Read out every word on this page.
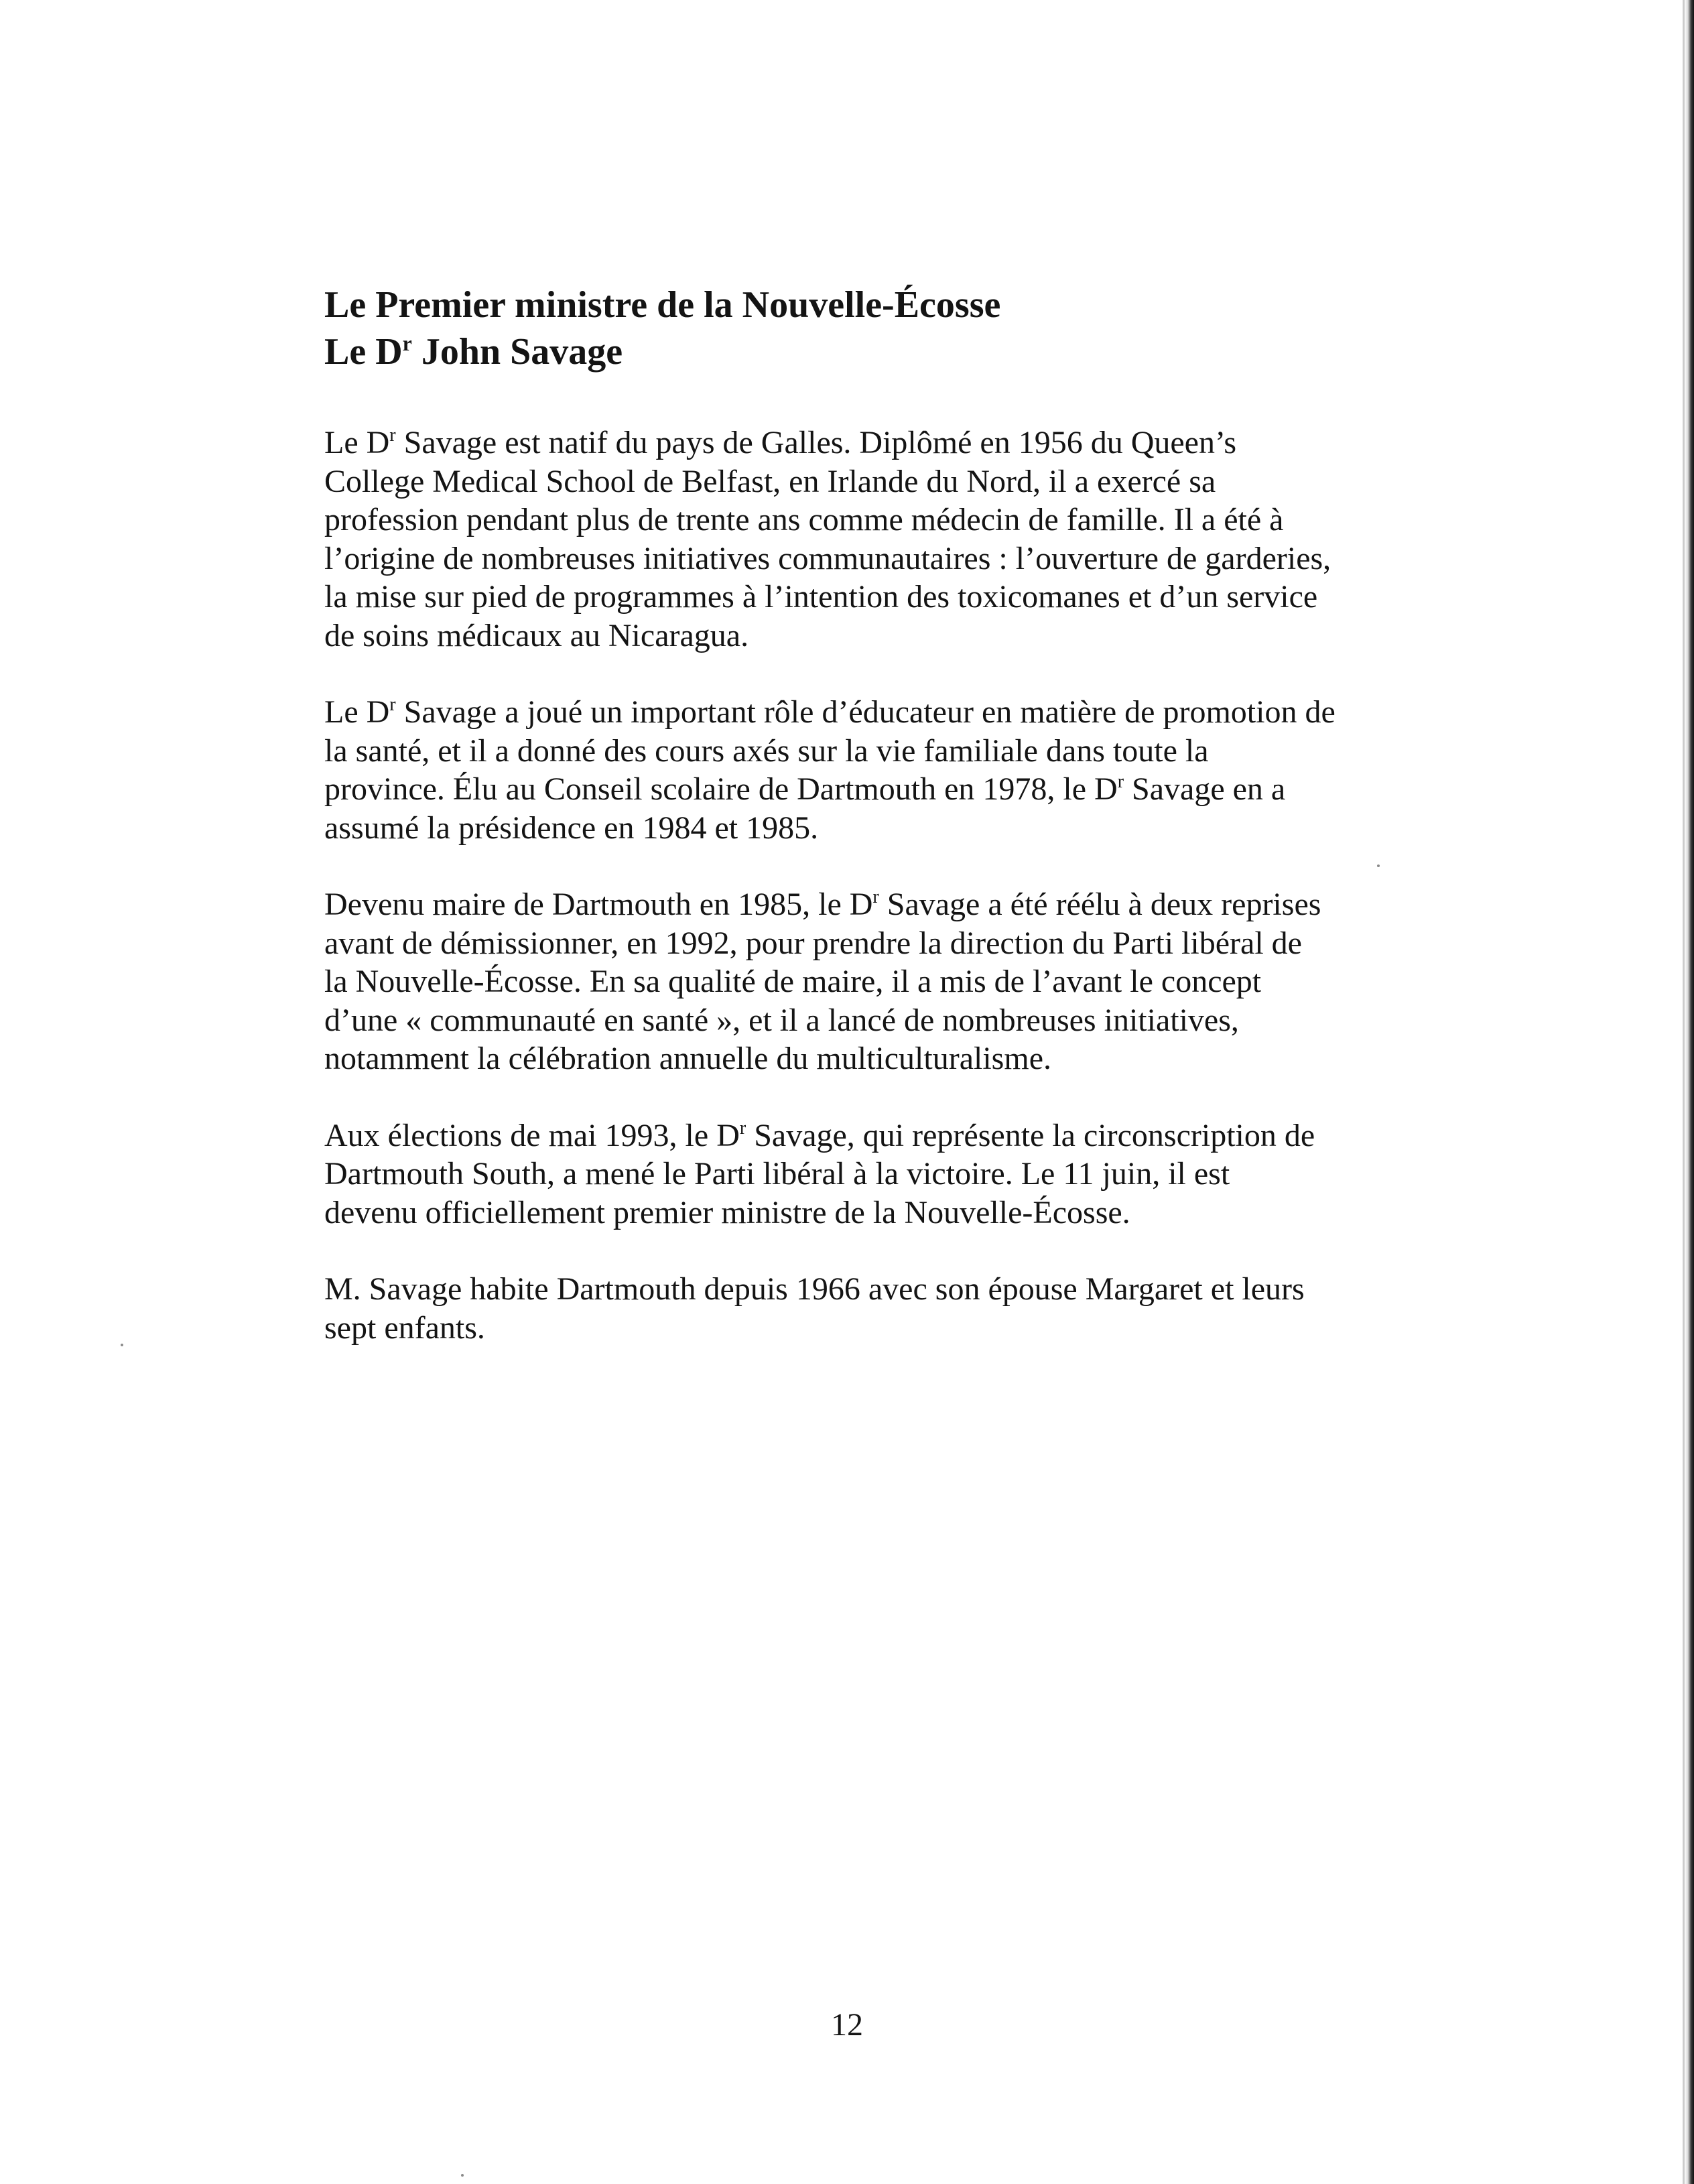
Le Premier ministre de la Nouvelle-Écosse
Le $D^r$ John Savage

Le $D^r$ Savage est natif du pays de Galles. Diplômé en 1956 du Queen’s
College Medical School de Belfast, en Irlande du Nord, il a exercé sa
profession pendant plus de trente ans comme médecin de famille. Il a été à
l’origine de nombreuses initiatives communautaires : l’ouverture de garderies,
la mise sur pied de programmes à l’intention des toxicomanes et d’un service
de soins médicaux au Nicaragua.

Le $D^r$ Savage a joué un important rôle d’éducateur en matière de promotion de
la santé, et il a donné des cours axés sur la vie familiale dans toute la
province. Élu au Conseil scolaire de Dartmouth en 1978, le $D^r$ Savage en a
assumé la présidence en 1984 et 1985.

Devenu maire de Dartmouth en 1985, le $D^r$ Savage a été réélu à deux reprises
avant de démissionner, en 1992, pour prendre la direction du Parti libéral de
la Nouvelle-Écosse. En sa qualité de maire, il a mis de l’avant le concept
d’une « communauté en santé », et il a lancé de nombreuses initiatives,
notamment la célébration annuelle du multiculturalisme.

Aux élections de mai 1993, le $D^r$ Savage, qui représente la circonscription de
Dartmouth South, a mené le Parti libéral à la victoire. Le 11 juin, il est
devenu officiellement premier ministre de la Nouvelle-Écosse.

M. Savage habite Dartmouth depuis 1966 avec son épouse Margaret et leurs
sept enfants.

12
